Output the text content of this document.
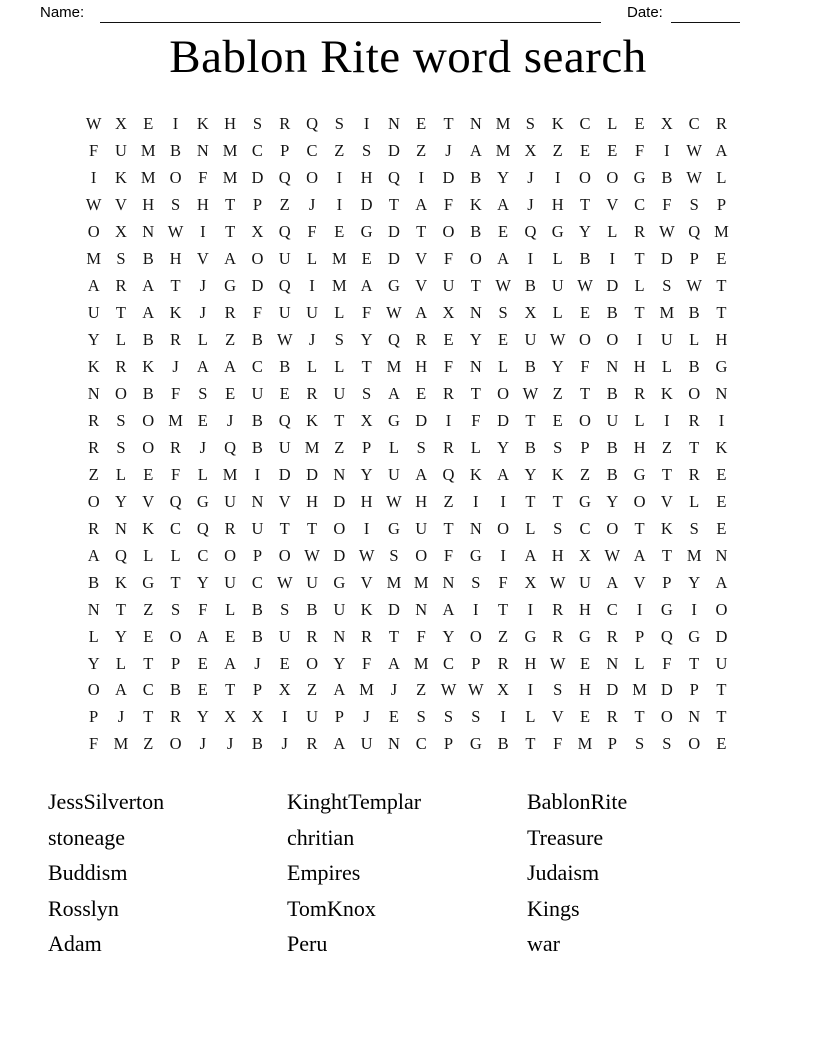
Name:	Date:
Bablon Rite word search
W X E	I	K H	S	R Q	S	I	N E	T N M S	K C	L	E X C R
F	U M B N M C	P	C	Z	S	D Z	J	A M X Z	E	E	F	I	W A
I	K M O	F M D Q O	I	H Q	I	D B Y	J	I	O O G B W L
W V H	S	H T	P	Z	J	I	D T A	F	K A	J	H T V C	F	S	P
O X N W	I	T X Q	F	E G D T O B	E Q G Y L	R W Q M
M S	B H V A O U L M E D V	F	O A	I	L	B	I	T D	P	E
A R A T	J	G D Q	I	M A G V U T W B U W D L	S W T
U T A K	J	R	F	U U L	F W A X N	S	X L	E	B	T M B	T
Y L	B R	L	Z	B W J	S	Y Q R	E Y E U W O O	I	U L H
K R K	J	A A C B	L	L	T M H	F	N L	B Y	F	N H L	B G
N O B	F	S	E U E	R U	S	A E	R	T O W Z	T	B R K O N
R	S	O M E	J	B Q K T X G D	I	F	D T	E O U L	I	R	I
R	S	O R	J	Q B U M Z	P	L	S	R	L Y B	S	P	B H Z	T K
Z	L	E	F	L M	I	D D N Y U A Q K A Y K Z	B G T	R	E
O Y V Q G U N V H D H W H Z	I	I	T	T G Y O V L	E
R N K C Q R U T	T O	I	G U T N O L	S	C O T K	S	E
A Q L	L	C O	P	O W D W S	O	F	G	I	A H X W A T M N
B K G T Y U C W U G V M M N	S	F	X W U A V	P	Y A
N T	Z	S	F	L	B	S	B U K D N A	I	T	I	R H C	I	G	I	O
L Y E O A E	B U R N R	T	F	Y O Z G R G R	P	Q G D
Y L	T	P	E A	J	E O Y	F	A M C	P	R H W E N L	F	T U
O A C B	E	T	P	X Z A M	J	Z W W X	I	S	H D M D	P	T
P	J	T	R Y X X	I	U	P	J	E	S	S	S	I	L V E	R	T O N T
F M Z O	J	J	B	J	R A U N C	P	G B	T	F M P	S	S	O E
JessSilverton
stoneage
Buddism
Rosslyn
Adam
KinghtTemplar
chritian
Empires
TomKnox
Peru
BablonRite
Treasure
Judaism
Kings
war
